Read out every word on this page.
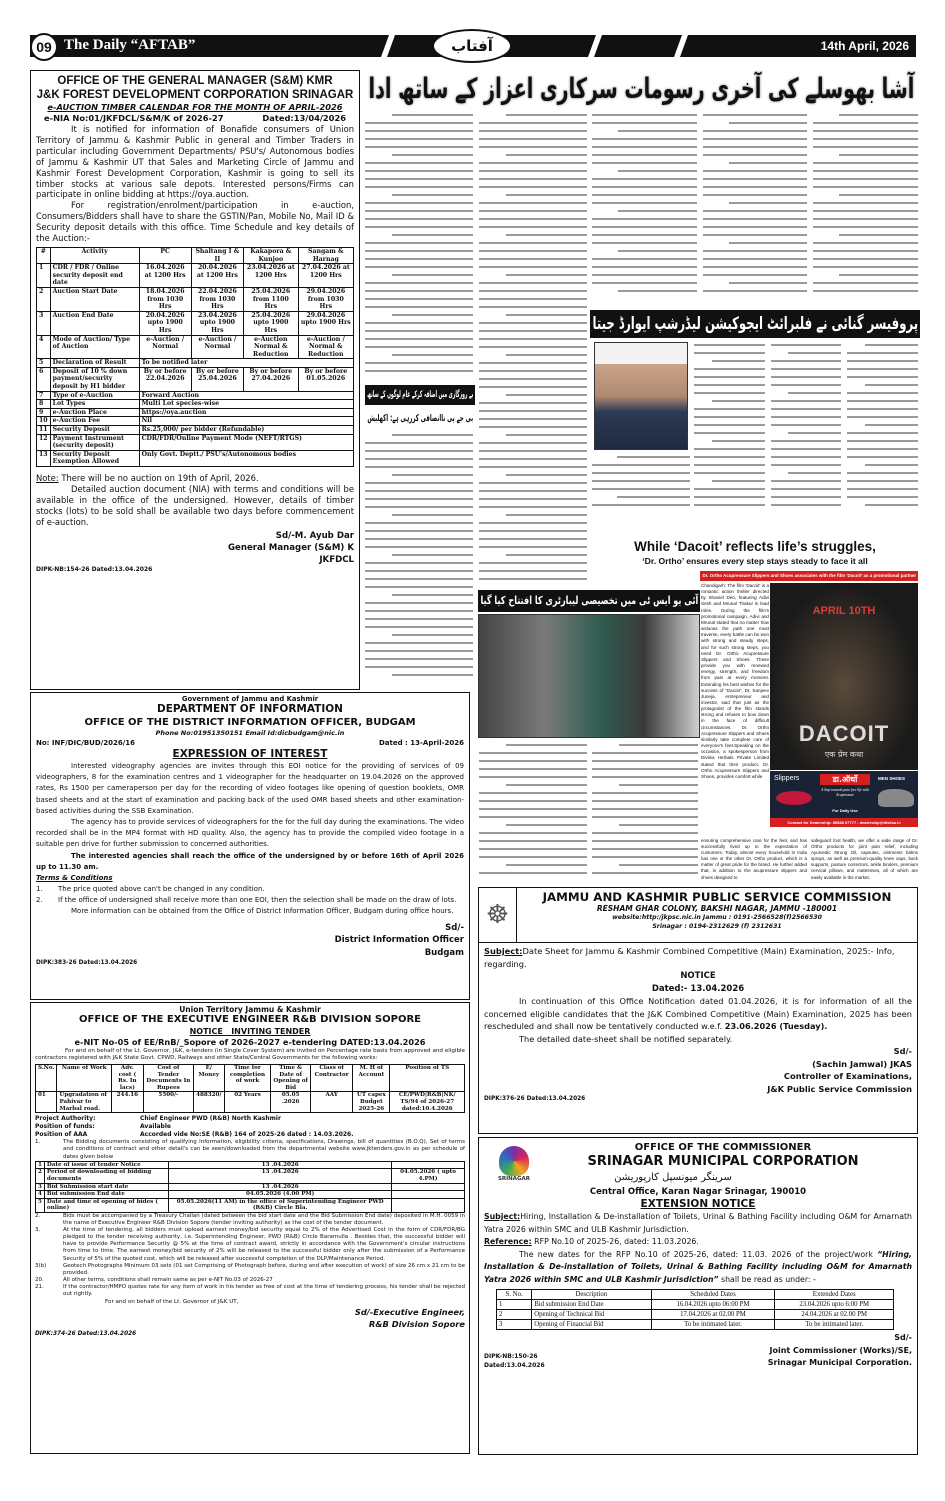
09 The Daily “AFTAB”	آفتاب	14th April, 2026
آشا بھوسلے کی آخری رسومات سرکاری اعزاز کے ساتھ ادا
پروفیسر گنائی نے فلبرائٹ ایجوکیشن لیڈرشپ ایوارڈ جیتا
بے روزگاری میں اضافہ کرکے عام لوگوں کے ساتھ
بی جے پی ناانصافی کررہی ہے: اکھلیش
آئی یو ایس ٹی میں تخصیصی لیبارٹری کا افتتاح کیا گیا
While ‘Dacoit’ reflects life’s struggles,
‘Dr. Ortho’ ensures every step stays steady to face it all
Dr. Ortho Acupressure Slippers and Shoes associates with the film ‘Dacoit’ as a promotional partner
Chandigarh: The film ‘Dacoit’ is a romantic action thriller directed by Shaniel Deo, featuring Adivi Sesh and Mrunal Thakur in lead roles. During the film's promotional campaign, Adivi and Mrunal stated that no matter how arduous the path one must traverse, every battle can be won with strong and steady steps, and for such strong steps, you need Dr. Ortho Acupressure Slippers and Shoes. These provide you with renewed energy, strength, and freedom from pain at every moment. Extending his best wishes for the success of “Dacoit”, Dr. Sanjeev Juneja, entrepreneur and investor, said that just as the protagonist of the film stands strong and refuses to bow down in the face of difficult circumstances, Dr. Ortho Acupressure Slippers and Shoes similarly take complete care of everyone's feet.Speaking on the occasion, a spokesperson from Diviisa Herbals Private Limited stated that their product, Dr. Ortho Acupressure Slippers and Shoes, provides comfort while
APRIL 10TH
DACOIT
एक प्रेम कथा
Slippers	डा.ऑर्थो	MEN SHOES
A Step towards pain free life with Acupressure
For Daily Use
Contact for Dealership: 85588 07777 - dealership@diviisa.in
ensuring comprehensive care for the feet, and has successfully lived up to the expectation of customers. Today, almost every household in India has one or the other Dr. Ortho product, which is a matter of great pride for the brand. He further added that, in addition to the acupressure slippers and shoes designed to
safeguard foot health, we offer a wide range of Dr. Ortho products for joint pain relief, including Ayurvedic Strong Oil, capsules, ointments balms sprays, as well as premium-quality knee caps, back supports, posture correctors, ankle binders, premium cervical pillows, and mattresses, all of which are easily available in the market.
OFFICE OF THE GENERAL MANAGER (S&M) KMR
J&K FOREST DEVELOPMENT CORPORATION SRINAGAR
e-AUCTION TIMBER CALENDAR FOR THE MONTH OF APRIL-2026
e-NIA No:01/JKFDCL/S&M/K of 2026-27	Dated:13/04/2026

It is notified for information of Bonafide consumers of Union Territory of Jammu & Kashmir Public in general and Timber Traders in particular including Government Departments/ PSU's/ Autonomous bodies of Jammu & Kashmir UT that Sales and Marketing Circle of Jammu and Kashmir Forest Development Corporation, Kashmir is going to sell its timber stocks at various sale depots. Interested persons/Firms can participate in online bidding at https://oya.auction.

For registration/enrolment/participation in e-auction, Consumers/Bidders shall have to share the GSTIN/Pan, Mobile No, Mail ID & Security deposit details with this office. Time Schedule and key details of the Auction:-

#	Activity	PC	Shaltang I & II	Kakapora & Kunjoo	Sangam & Harnag
1	CDR / FDR / Online security deposit end date	16.04.2026 at 1200 Hrs	20.04.2026 at 1200 Hrs	23.04.2026 at 1200 Hrs	27.04.2026 at 1200 Hrs
2	Auction Start Date	18.04.2026 from 1030 Hrs	22.04.2026 from 1030 Hrs	25.04.2026 from 1100 Hrs	29.04.2026 from 1030 Hrs
3	Auction End Date	20.04.2026 upto 1900 Hrs	23.04.2026 upto 1900 Hrs	25.04.2026 upto 1900 Hrs	29.04.2026 upto 1900 Hrs
4	Mode of Auction/ Type of Auction	e-Auction / Normal	e-Auction / Normal	e-Auction Normal & Reduction	e-Auction / Normal & Reduction
5	Declaration of Result	To be notified later			
6	Deposit of 10 % down payment/security deposit by H1 bidder	By or before 22.04.2026	By or before 25.04.2026	By or before 27.04.2026	By or before 01.05.2026
7	Type of e-Auction	Forward Auction			
8	Lot Types	Multi Lot species-wise			
9	e-Auction Place	https://oya.auction			
10	e-Auction Fee	Nil			
11	Security Deposit	Rs.25,000/ per bidder (Refundable)			
12	Payment Instrument (security deposit)	CDR/FDR/Online Payment Mode (NEFT/RTGS)			
13	Security Deposit Exemption Allowed	Only Govt. Deptt./ PSU's/Autonomous bodies			

Note: There will be no auction on 19th of April, 2026.

Detailed auction document (NIA) with terms and conditions will be available in the office of the undersigned. However, details of timber stocks (lots) to be sold shall be available two days before commencement of e-auction.

Sd/-M. Ayub Dar
General Manager (S&M) K
JKFDCL
DIPK-NB:154-26 Dated:13.04.2026
Government of Jammu and Kashmir
DEPARTMENT OF INFORMATION
OFFICE OF THE DISTRICT INFORMATION OFFICER, BUDGAM
Phone No:01951350151 Email Id:dicbudgam@nic.in
No: INF/DIC/BUD/2026/16	Dated : 13-April-2026
EXPRESSION OF INTEREST

Interested videography agencies are invites through this EOI notice for the providing of services of 09 videographers, 8 for the examination centres and 1 videographer for the headquarter on 19.04.2026 on the approved rates, Rs 1500 per cameraperson per day for the recording of video footages like opening of question booklets, OMR based sheets and at the start of examination and packing back of the used OMR based sheets and other examination-based activities during the SSB Examination.

The agency has to provide services of videographers for the for the full day during the examinations. The video recorded shall be in the MP4 format with HD quality. Also, the agency has to provide the compiled video footage in a suitable pen drive for further submission to concerned authorities.

The interested agencies shall reach the office of the undersigned by or before 16th of April 2026 up to 11.30 am.

Terms & Conditions
1.	The price quoted above can't be changed in any condition.
2.	If the office of undersigned shall receive more than one EOI, then the selection shall be made on the draw of lots.

More information can be obtained from the Office of District Information Officer, Budgam during office hours.

Sd/-
District Information Officer
Budgam
DIPK:383-26 Dated:13.04.2026
Union Territory Jammu & Kashmir
OFFICE OF THE EXECUTIVE ENGINEER R&B DIVISION SOPORE
NOTICE   INVITING TENDER
e-NIT No-05 of EE/RnB/_Sopore of 2026-2027 e-tendering DATED:13.04.2026

For and on behalf of the Lt. Governor, J&K, e-tenders (in Single Cover System) are invited on Percentage rate basis from approved and eligible contractors registered with J&K State Govt. CPWD, Railways and other State/Central Governments for the following works:

S.No.	Name of Work	Adv. cost ( Rs. In lacs)	Cost of Tender Documents In Rupees	E/ Money	Time for completion of work	Time & Date of Opening of Bid	Class of Contractor	M. H of Account	Position of TS
01	Upgradation of Pahivar to Marbal road.	244.16	5500/-	488320/	02 Years	05.05 .2026	AAY	UT capex Budget 2025-26	CE/PWD|R&B|NK/ TS/94 of 2026-27 dated:10.4.2026
Project Authority:	Chief Engineer PWD (R&B) North Kashmir
Position of funds:	Available
Position of AAA	Accorded vide No:SE (R&B) 164 of 2025-26 dated : 14.03.2026.
1.	The Bidding documents consisting of qualifying information, eligibility criteria, specifications, Drawings, bill of quantities (B.O.Q), Set of terms and conditions of contract and other detail's can be seen/downloaded from the departmental website www.jktenders.gov.in as per schedule of dates given below
1	Date of issue of tender Notice	13 .04.2026	
2	Period of downloading of bidding documents	13 .04.2026	04.05.2026 ( upto 4.PM)
3	Bid Submission start date	13 .04.2026	
4	Bid submission End date	04.05.2026 (4.00 PM)	
5	Date and time of opening of bides ( online)	05.05.2026(11 AM) in the office of Superintending Engineer PWD (R&B) Circle Bla.	
2.	Bids must be accompanied by a Treasury Challan (dated between the bid start date and the Bid Submission End date) deposited in M.H. 0059 in the name of Executive Engineer R&B Division Sopore (tender inviting authority) as the cost of the tender document.
3.	At the time of tendering, all bidders must upload earnest money/bid security equal to 2% of the Advertised Cost in the form of CDR/FDR/BG pledged to the tender receiving authority, i.e. Superintending Engineer, PWD (R&B) Circle Baramulla . Besides that, the successful bidder will have to provide Performance Security @ 5% at the time of contract award, strictly in accordance with the Government's circular instructions from time to time. The earnest money/bid security of 2% will be released to the successful bidder only after the submission of a Performance Security of 5% of the quoted cost, which will be released after successful completion of the DLP/Maintenance Period.
3(b)	Geotech Photographs Minimum 03 sets (01 set Comprising of Photograph before, during and after execution of work) of size 26 cm x 21 cm to be provided.
20.	All other terms, conditions shall remain same as per e-NIT No.03 of 2026-27
21.	If the contractor/HMPO quotes rate for any item of work in his tender as free of cost at the time of tendering process, his tender shall be rejected out rightly.
For and on behalf of the Lt. Governor of J&K UT,
Sd/-Executive Engineer,
R&B Division Sopore
DIPK:374-26 Dated:13.04.2026
☸
JAMMU AND KASHMIR PUBLIC SERVICE COMMISSION
RESHAM GHAR COLONY, BAKSHI NAGAR, JAMMU -180001
website:http:/jkpsc.nic.in Jammu : 0191-2566528(f)2566530
Srinagar : 0194-2312629 (f) 2312631

Subject:Date Sheet for Jammu & Kashmir Combined Competitive (Main) Examination, 2025:- Info, regarding.

NOTICE
Dated:- 13.04.2026

In continuation of this Office Notification dated 01.04.2026, it is for information of all the concerned eligible candidates that the J&K Combined Competitive (Main) Examination, 2025 has been rescheduled and shall now be tentatively conducted w.e.f. 23.06.2026 (Tuesday).

The detailed date-sheet shall be notified separately.

Sd/-
(Sachin Jamwal) JKAS
Controller of Examinations,
J&K Public Service Commission
DIPK:376-26 Dated:13.04.2026
SRINAGAR
OFFICE OF THE COMMISSIONER
SRINAGAR MUNICIPAL CORPORATION
سرینگر میونسپل کارپوریشن
Central Office, Karan Nagar Srinagar, 190010
EXTENSION NOTICE

Subject:Hiring, Installation & De-installation of Toilets, Urinal & Bathing Facility including O&M for Amarnath Yatra 2026 within SMC and ULB Kashmir Jurisdiction.

Reference: RFP No.10 of 2025-26, dated: 11.03.2026.

The new dates for the RFP No.10 of 2025-26, dated: 11.03. 2026 of the project/work “Hiring, Installation & De-installation of Toilets, Urinal & Bathing Facility including O&M for Amarnath Yatra 2026 within SMC and ULB Kashmir Jurisdiction” shall be read as under: -

S. No.	Description	Scheduled Dates	Extended Dates
1	Bid submission End Date	16.04.2026 upto 06:00 PM	23.04.2026 upto 6:00 PM
2	Opening of Technical Bid	17.04.2026 at 02.00 PM	24.04.2026 at 02.00 PM
3	Opening of Financial Bid	To be intimated later.	To be intimated later.
Sd/-
DIPK-NB:150-26
Dated:13.04.2026
Joint Commissioner (Works)/SE,
Srinagar Municipal Corporation.
